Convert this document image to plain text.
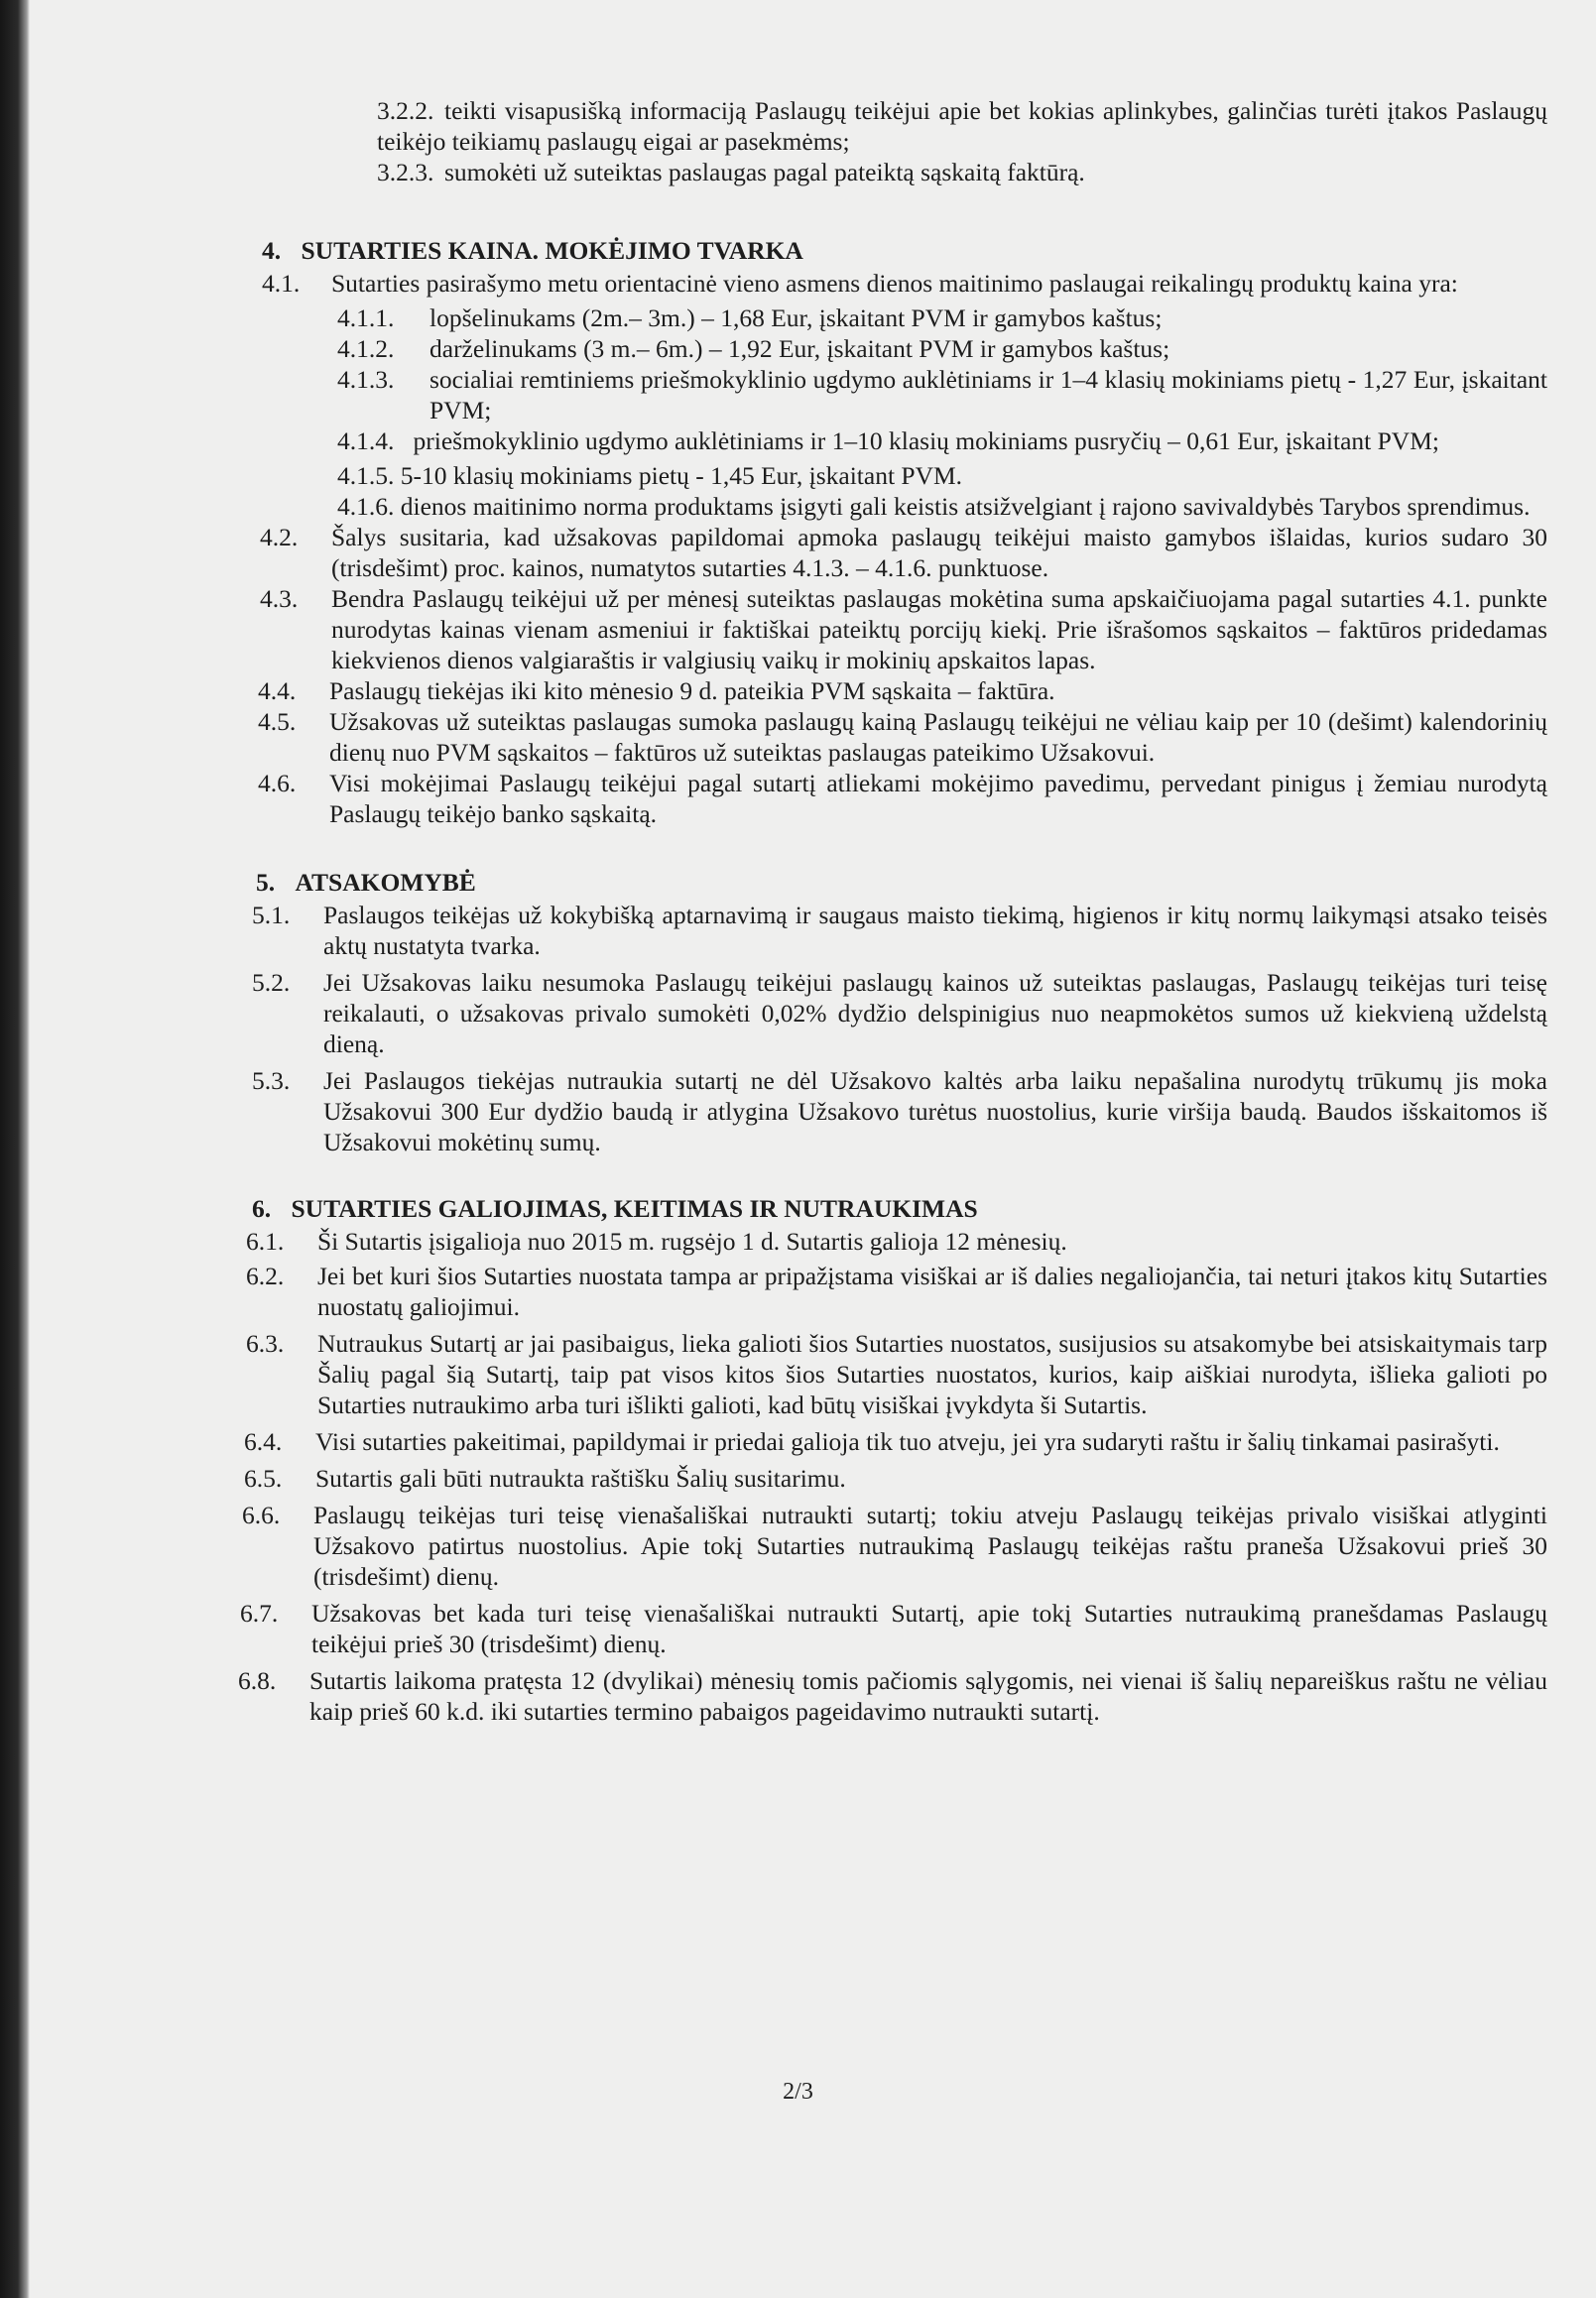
3.2.2. teikti visapusišką informaciją Paslaugų teikėjui apie bet kokias aplinkybes, galinčias turėti įtakos Paslaugų teikėjo teikiamų paslaugų eigai ar pasekmėms;
3.2.3. sumokėti už suteiktas paslaugas pagal pateiktą sąskaitą faktūrą.
4. SUTARTIES KAINA. MOKĖJIMO TVARKA
4.1. Sutarties pasirašymo metu orientacinė vieno asmens dienos maitinimo paslaugai reikalingų produktų kaina yra:
4.1.1. lopšelinukams (2m.– 3m.) – 1,68 Eur, įskaitant PVM ir gamybos kaštus;
4.1.2. darželinukams (3 m.– 6m.) – 1,92 Eur, įskaitant PVM ir gamybos kaštus;
4.1.3. socialiai remtiniems priešmokyklinio ugdymo auklėtiniams ir 1–4 klasių mokiniams pietų - 1,27 Eur, įskaitant PVM;
4.1.4. priešmokyklinio ugdymo auklėtiniams ir 1–10 klasių mokiniams pusryčių – 0,61 Eur, įskaitant PVM;
4.1.5. 5-10 klasių mokiniams pietų - 1,45 Eur, įskaitant PVM.
4.1.6. dienos maitinimo norma produktams įsigyti gali keistis atsižvelgiant į rajono savivaldybės Tarybos sprendimus.
4.2. Šalys susitaria, kad užsakovas papildomai apmoka paslaugų teikėjui maisto gamybos išlaidas, kurios sudaro 30 (trisdešimt) proc. kainos, numatytos sutarties 4.1.3. – 4.1.6. punktuose.
4.3. Bendra Paslaugų teikėjui už per mėnesį suteiktas paslaugas mokėtina suma apskaičiuojama pagal sutarties 4.1. punkte nurodytas kainas vienam asmeniui ir faktiškai pateiktų porcijų kiekį. Prie išrašomos sąskaitos – faktūros pridedamas kiekvienos dienos valgiaraštis ir valgiusių vaikų ir mokinių apskaitos lapas.
4.4. Paslaugų tiekėjas iki kito mėnesio 9 d. pateikia PVM sąskaita – faktūra.
4.5. Užsakovas už suteiktas paslaugas sumoka paslaugų kainą Paslaugų teikėjui ne vėliau kaip per 10 (dešimt) kalendorinių dienų nuo PVM sąskaitos – faktūros už suteiktas paslaugas pateikimo Užsakovui.
4.6. Visi mokėjimai Paslaugų teikėjui pagal sutartį atliekami mokėjimo pavedimu, pervedant pinigus į žemiau nurodytą Paslaugų teikėjo banko sąskaitą.
5. ATSAKOMYBĖ
5.1. Paslaugos teikėjas už kokybišką aptarnavimą ir saugaus maisto tiekimą, higienos ir kitų normų laikymąsi atsako teisės aktų nustatyta tvarka.
5.2. Jei Užsakovas laiku nesumoka Paslaugų teikėjui paslaugų kainos už suteiktas paslaugas, Paslaugų teikėjas turi teisę reikalauti, o užsakovas privalo sumokėti 0,02% dydžio delspinigius nuo neapmokėtos sumos už kiekvieną uždelstą dieną.
5.3. Jei Paslaugos tiekėjas nutraukia sutartį ne dėl Užsakovo kaltės arba laiku nepašalina nurodytų trūkumų jis moka Užsakovui 300 Eur dydžio baudą ir atlygina Užsakovo turėtus nuostolius, kurie viršija baudą. Baudos išskaitomos iš Užsakovui mokėtinų sumų.
6. SUTARTIES GALIOJIMAS, KEITIMAS IR NUTRAUKIMAS
6.1. Ši Sutartis įsigalioja nuo 2015 m. rugsėjo 1 d. Sutartis galioja 12 mėnesių.
6.2. Jei bet kuri šios Sutarties nuostata tampa ar pripažįstama visiškai ar iš dalies negaliojančia, tai neturi įtakos kitų Sutarties nuostatų galiojimui.
6.3. Nutraukus Sutartį ar jai pasibaigus, lieka galioti šios Sutarties nuostatos, susijusios su atsakomybe bei atsiskaitymais tarp Šalių pagal šią Sutartį, taip pat visos kitos šios Sutarties nuostatos, kurios, kaip aiškiai nurodyta, išlieka galioti po Sutarties nutraukimo arba turi išlikti galioti, kad būtų visiškai įvykdyta ši Sutartis.
6.4. Visi sutarties pakeitimai, papildymai ir priedai galioja tik tuo atveju, jei yra sudaryti raštu ir šalių tinkamai pasirašyti.
6.5. Sutartis gali būti nutraukta raštišku Šalių susitarimu.
6.6. Paslaugų teikėjas turi teisę vienašališkai nutraukti sutartį; tokiu atveju Paslaugų teikėjas privalo visiškai atlyginti Užsakovo patirtus nuostolius. Apie tokį Sutarties nutraukimą Paslaugų teikėjas raštu praneša Užsakovui prieš 30 (trisdešimt) dienų.
6.7. Užsakovas bet kada turi teisę vienašališkai nutraukti Sutartį, apie tokį Sutarties nutraukimą pranešdamas Paslaugų teikėjui prieš 30 (trisdešimt) dienų.
6.8. Sutartis laikoma pratęsta 12 (dvylikai) mėnesių tomis pačiomis sąlygomis, nei vienai iš šalių nepareiškus raštu ne vėliau kaip prieš 60 k.d. iki sutarties termino pabaigos pageidavimo nutraukti sutartį.
2/3
